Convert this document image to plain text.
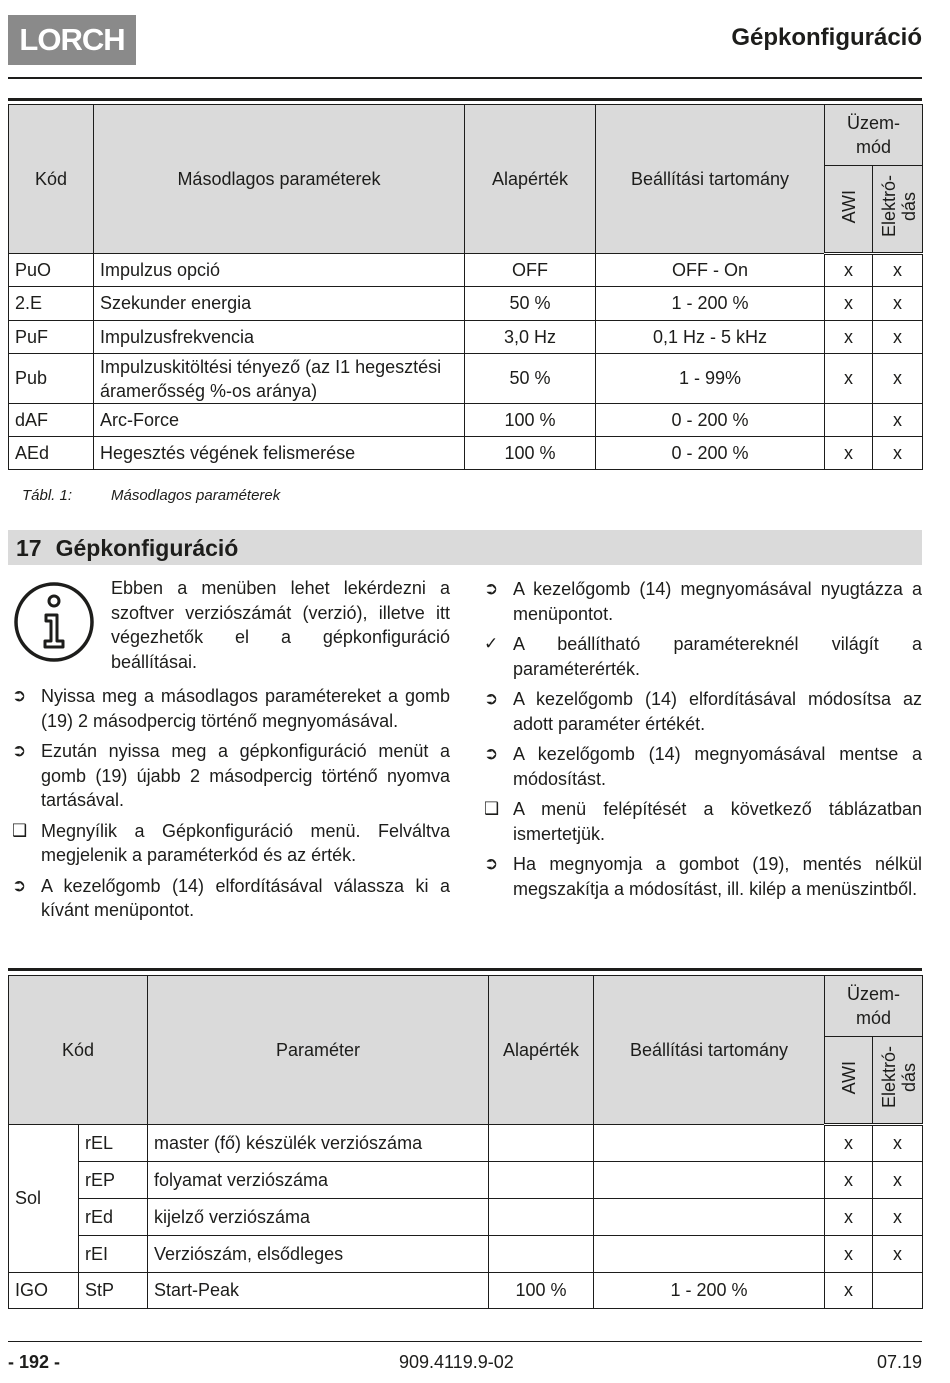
LORCH	Gépkonfiguráció
Kód	Másodlagos paraméterek	Alapérték	Beállítási tartomány	Üzem-
mód	
				AWI	Elektró-
dás
PuO	Impulzus opció	OFF	OFF - On	x	x
2.E	Szekunder energia	50 %	1 - 200 %	x	x
PuF	Impulzusfrekvencia	3,0 Hz	0,1 Hz - 5 kHz	x	x
Pub	Impulzuskitöltési tényező (az I1 hegesztési áramerősség %-os aránya)	50 %	1 - 99%	x	x
dAF	Arc-Force	100 %	0 - 200 %		x
AEd	Hegesztés végének felismerése	100 %	0 - 200 %	x	x
Tábl. 1:	Másodlagos paraméterek
17 Gépkonfiguráció
Ebben a menüben lehet lekérdezni a szoftver verziószámát (verzió), illetve itt végezhetők el a gépkonfiguráció beállításai.

➲ Nyissa meg a másodlagos paramétereket a gomb (19) 2 másodpercig történő megnyomásával.

➲ Ezután nyissa meg a gépkonfiguráció menüt a gomb (19) újabb 2 másodpercig történő nyomva tartásával.

❑ Megnyílik a Gépkonfiguráció menü. Felváltva megjelenik a paraméterkód és az érték.

➲ A kezelőgomb (14) elfordításával válassza ki a kívánt menüpontot.

➲ A kezelőgomb (14) megnyomásával nyugtázza a menüpontot.

✓ A beállítható paramétereknél világít a paraméterérték.

➲ A kezelőgomb (14) elfordításával módosítsa az adott paraméter értékét.

➲ A kezelőgomb (14) megnyomásával mentse a módosítást.

❑ A menü felépítését a következő táblázatban ismertetjük.

➲ Ha megnyomja a gombot (19), mentés nélkül megszakítja a módosítást, ill. kilép a menüszintből.

Kód		Paraméter	Alapérték	Beállítási tartomány	Üzem-
mód	
					AWI	Elektró-
dás
Sol	rEL	master (fő) készülék verziószáma			x	x
	rEP	folyamat verziószáma			x	x
	rEd	kijelző verziószáma			x	x
	rEI	Verziószám, elsődleges			x	x
IGO	StP	Start-Peak	100 %	1 - 200 %	x	
- 192 -	909.4119.9-02	07.19
